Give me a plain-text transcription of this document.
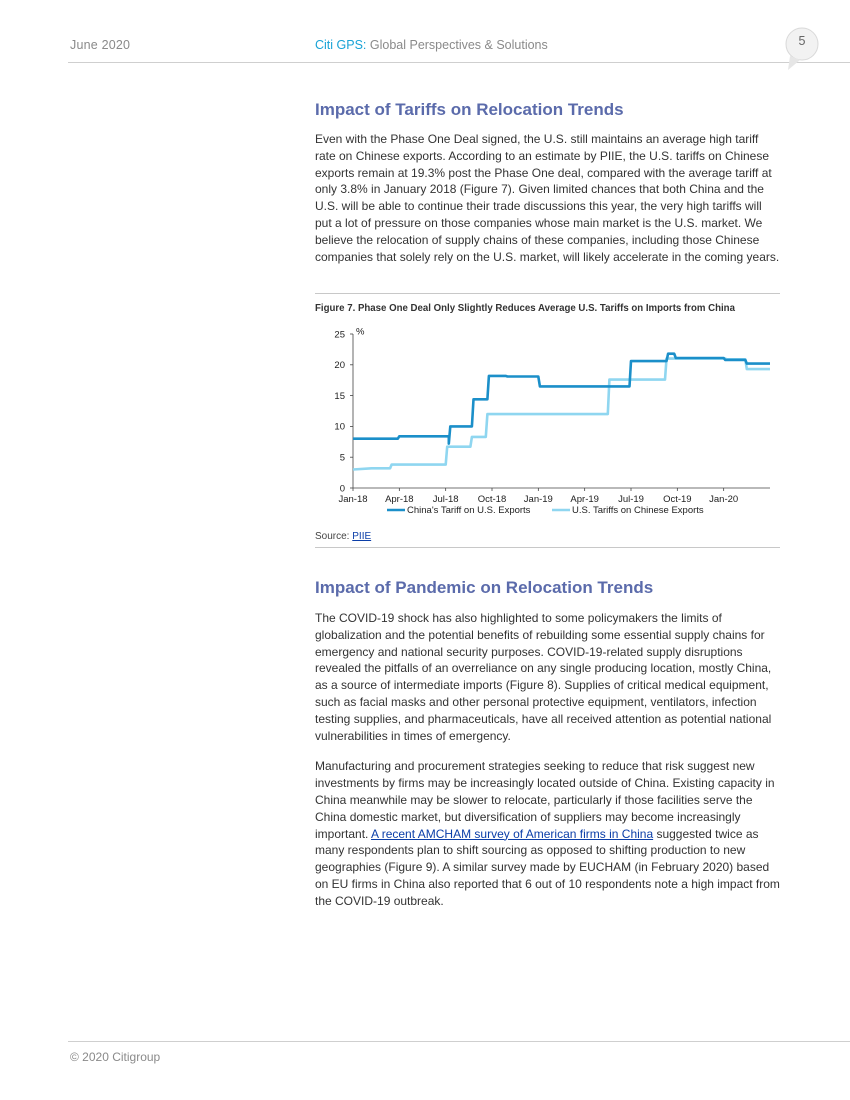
June 2020	Citi GPS: Global Perspectives & Solutions	5
Impact of Tariffs on Relocation Trends

Even with the Phase One Deal signed, the U.S. still maintains an average high tariff rate on Chinese exports. According to an estimate by PIIE, the U.S. tariffs on Chinese exports remain at 19.3% post the Phase One deal, compared with the average tariff at only 3.8% in January 2018 (Figure 7). Given limited chances that both China and the U.S. will be able to continue their trade discussions this year, the very high tariffs will put a lot of pressure on those companies whose main market is the U.S. market. We believe the relocation of supply chains of these companies, including those Chinese companies that solely rely on the U.S. market, will likely accelerate in the coming years.

Figure 7. Phase One Deal Only Slightly Reduces Average U.S. Tariffs on Imports from China
0
5
10
15
20
25 %
Jan-18 Apr-18 Jul-18 Oct-18 Jan-19 Apr-19 Jul-19 Oct-19 Jan-20
China's Tariff on U.S. Exports	U.S. Tariffs on Chinese Exports
Source: PIIE
Impact of Pandemic on Relocation Trends

The COVID-19 shock has also highlighted to some policymakers the limits of globalization and the potential benefits of rebuilding some essential supply chains for emergency and national security purposes. COVID-19-related supply disruptions revealed the pitfalls of an overreliance on any single producing location, mostly China, as a source of intermediate imports (Figure 8). Supplies of critical medical equipment, such as facial masks and other personal protective equipment, ventilators, infection testing supplies, and pharmaceuticals, have all received attention as potential national vulnerabilities in times of emergency.

Manufacturing and procurement strategies seeking to reduce that risk suggest new investments by firms may be increasingly located outside of China. Existing capacity in China meanwhile may be slower to relocate, particularly if those facilities serve the China domestic market, but diversification of suppliers may become increasingly important. A recent AMCHAM survey of American firms in China suggested twice as many respondents plan to shift sourcing as opposed to shifting production to new geographies (Figure 9). A similar survey made by EUCHAM (in February 2020) based on EU firms in China also reported that 6 out of 10 respondents note a high impact from the COVID-19 outbreak.

© 2020 Citigroup
